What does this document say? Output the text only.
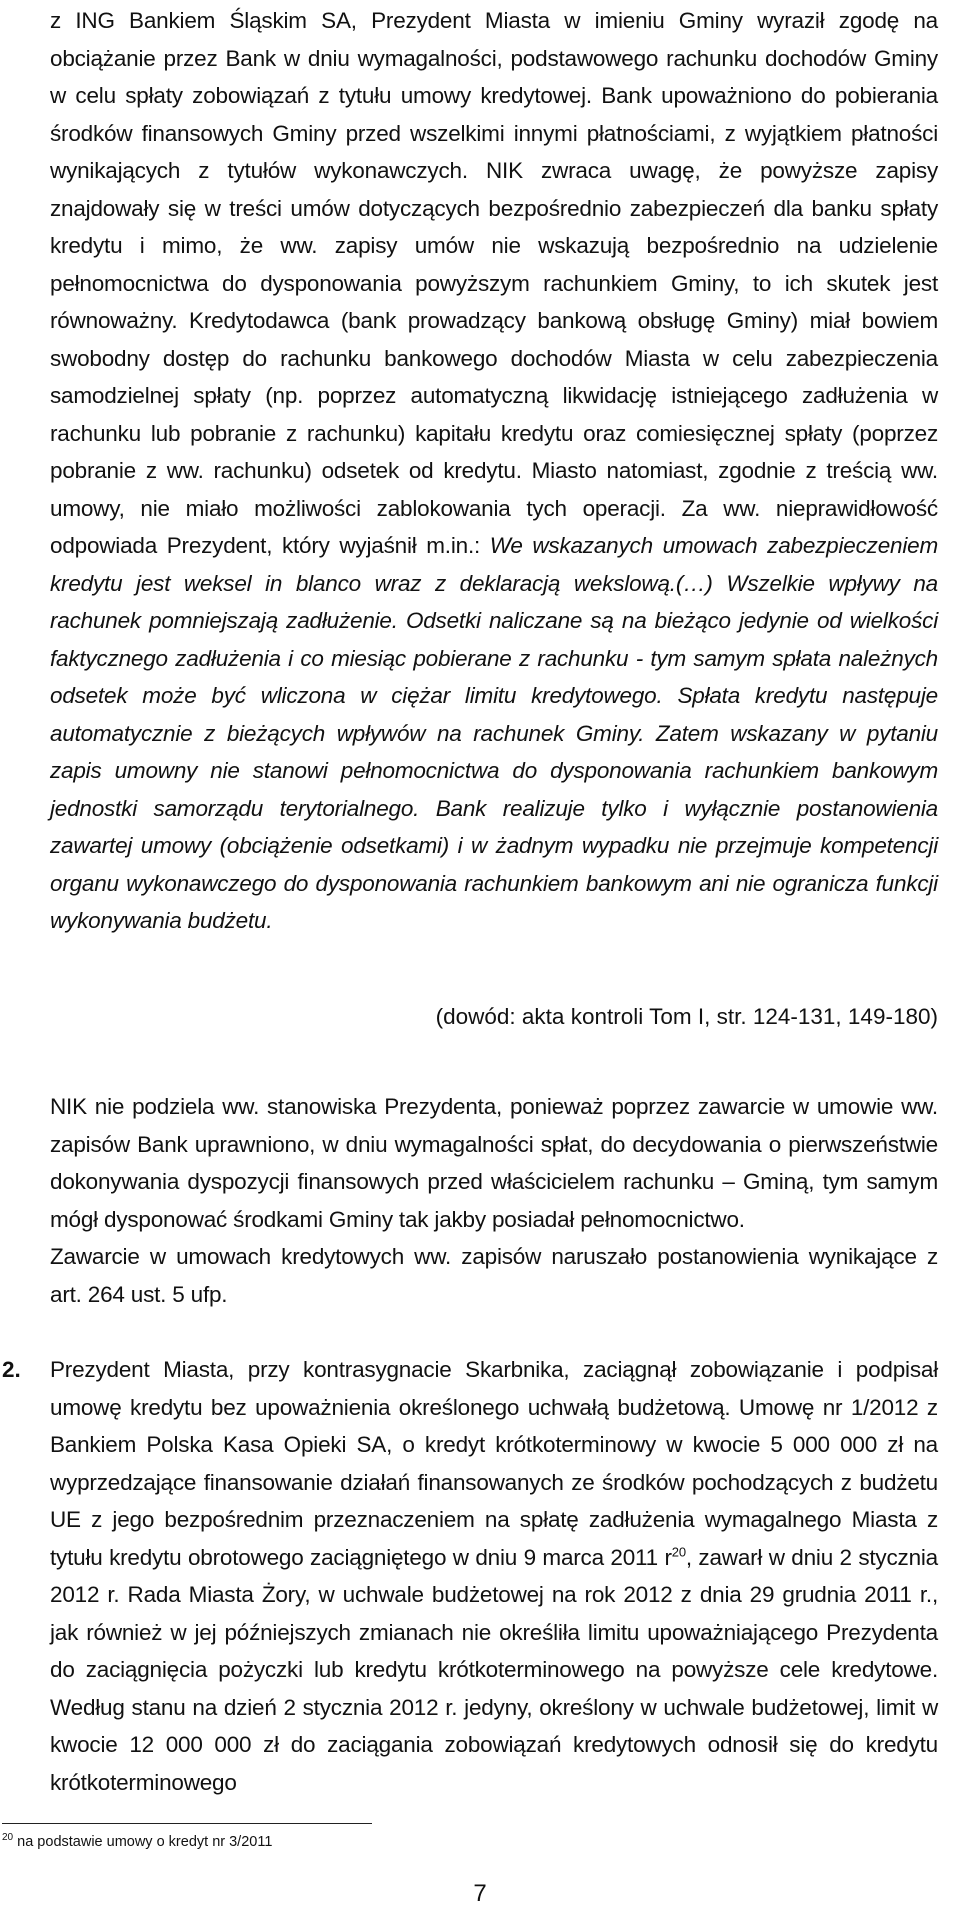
z ING Bankiem Śląskim SA, Prezydent Miasta w imieniu Gminy wyraził zgodę na obciążanie przez Bank w dniu wymagalności, podstawowego rachunku dochodów Gminy w celu spłaty zobowiązań z tytułu umowy kredytowej. Bank upoważniono do pobierania środków finansowych Gminy przed wszelkimi innymi płatnościami, z wyjątkiem płatności wynikających z tytułów wykonawczych. NIK zwraca uwagę, że powyższe zapisy znajdowały się w treści umów dotyczących bezpośrednio zabezpieczeń dla banku spłaty kredytu i mimo, że ww. zapisy umów nie wskazują bezpośrednio na udzielenie pełnomocnictwa do dysponowania powyższym rachunkiem Gminy, to ich skutek jest równoważny. Kredytodawca (bank prowadzący bankową obsługę Gminy) miał bowiem swobodny dostęp do rachunku bankowego dochodów Miasta w celu zabezpieczenia samodzielnej spłaty (np. poprzez automatyczną likwidację istniejącego zadłużenia w rachunku lub pobranie z rachunku) kapitału kredytu oraz comiesięcznej spłaty (poprzez pobranie z ww. rachunku) odsetek od kredytu. Miasto natomiast, zgodnie z treścią ww. umowy, nie miało możliwości zablokowania tych operacji. Za ww. nieprawidłowość odpowiada Prezydent, który wyjaśnił m.in.: We wskazanych umowach zabezpieczeniem kredytu jest weksel in blanco wraz z deklaracją wekslową.(…) Wszelkie wpływy na rachunek pomniejszają zadłużenie. Odsetki naliczane są na bieżąco jedynie od wielkości faktycznego zadłużenia i co miesiąc pobierane z rachunku - tym samym spłata należnych odsetek może być wliczona w ciężar limitu kredytowego. Spłata kredytu następuje automatycznie z bieżących wpływów na rachunek Gminy. Zatem wskazany w pytaniu zapis umowny nie stanowi pełnomocnictwa do dysponowania rachunkiem bankowym jednostki samorządu terytorialnego. Bank realizuje tylko i wyłącznie postanowienia zawartej umowy (obciążenie odsetkami) i w żadnym wypadku nie przejmuje kompetencji organu wykonawczego do dysponowania rachunkiem bankowym ani nie ogranicza funkcji wykonywania budżetu.
(dowód: akta kontroli Tom I, str. 124-131, 149-180)
NIK nie podziela ww. stanowiska Prezydenta, ponieważ poprzez zawarcie w umowie ww. zapisów Bank uprawniono, w dniu wymagalności spłat, do decydowania o pierwszeństwie dokonywania dyspozycji finansowych przed właścicielem rachunku – Gminą, tym samym mógł dysponować środkami Gminy tak jakby posiadał pełnomocnictwo.
Zawarcie w umowach kredytowych ww. zapisów naruszało postanowienia wynikające z art. 264 ust. 5 ufp.
2. Prezydent Miasta, przy kontrasygnacie Skarbnika, zaciągnął zobowiązanie i podpisał umowę kredytu bez upoważnienia określonego uchwałą budżetową. Umowę nr 1/2012 z Bankiem Polska Kasa Opieki SA, o kredyt krótkoterminowy w kwocie 5 000 000 zł na wyprzedzające finansowanie działań finansowanych ze środków pochodzących z budżetu UE z jego bezpośrednim przeznaczeniem na spłatę zadłużenia wymagalnego Miasta z tytułu kredytu obrotowego zaciągniętego w dniu 9 marca 2011 $r^{20}$, zawarł w dniu 2 stycznia 2012 r. Rada Miasta Żory, w uchwale budżetowej na rok 2012 z dnia 29 grudnia 2011 r., jak również w jej późniejszych zmianach nie określiła limitu upoważniającego Prezydenta do zaciągnięcia pożyczki lub kredytu krótkoterminowego na powyższe cele kredytowe. Według stanu na dzień 2 stycznia 2012 r. jedyny, określony w uchwale budżetowej, limit w kwocie 12 000 000 zł do zaciągania zobowiązań kredytowych odnosił się do kredytu krótkoterminowego
$^{20}$ na podstawie umowy o kredyt nr 3/2011
7
